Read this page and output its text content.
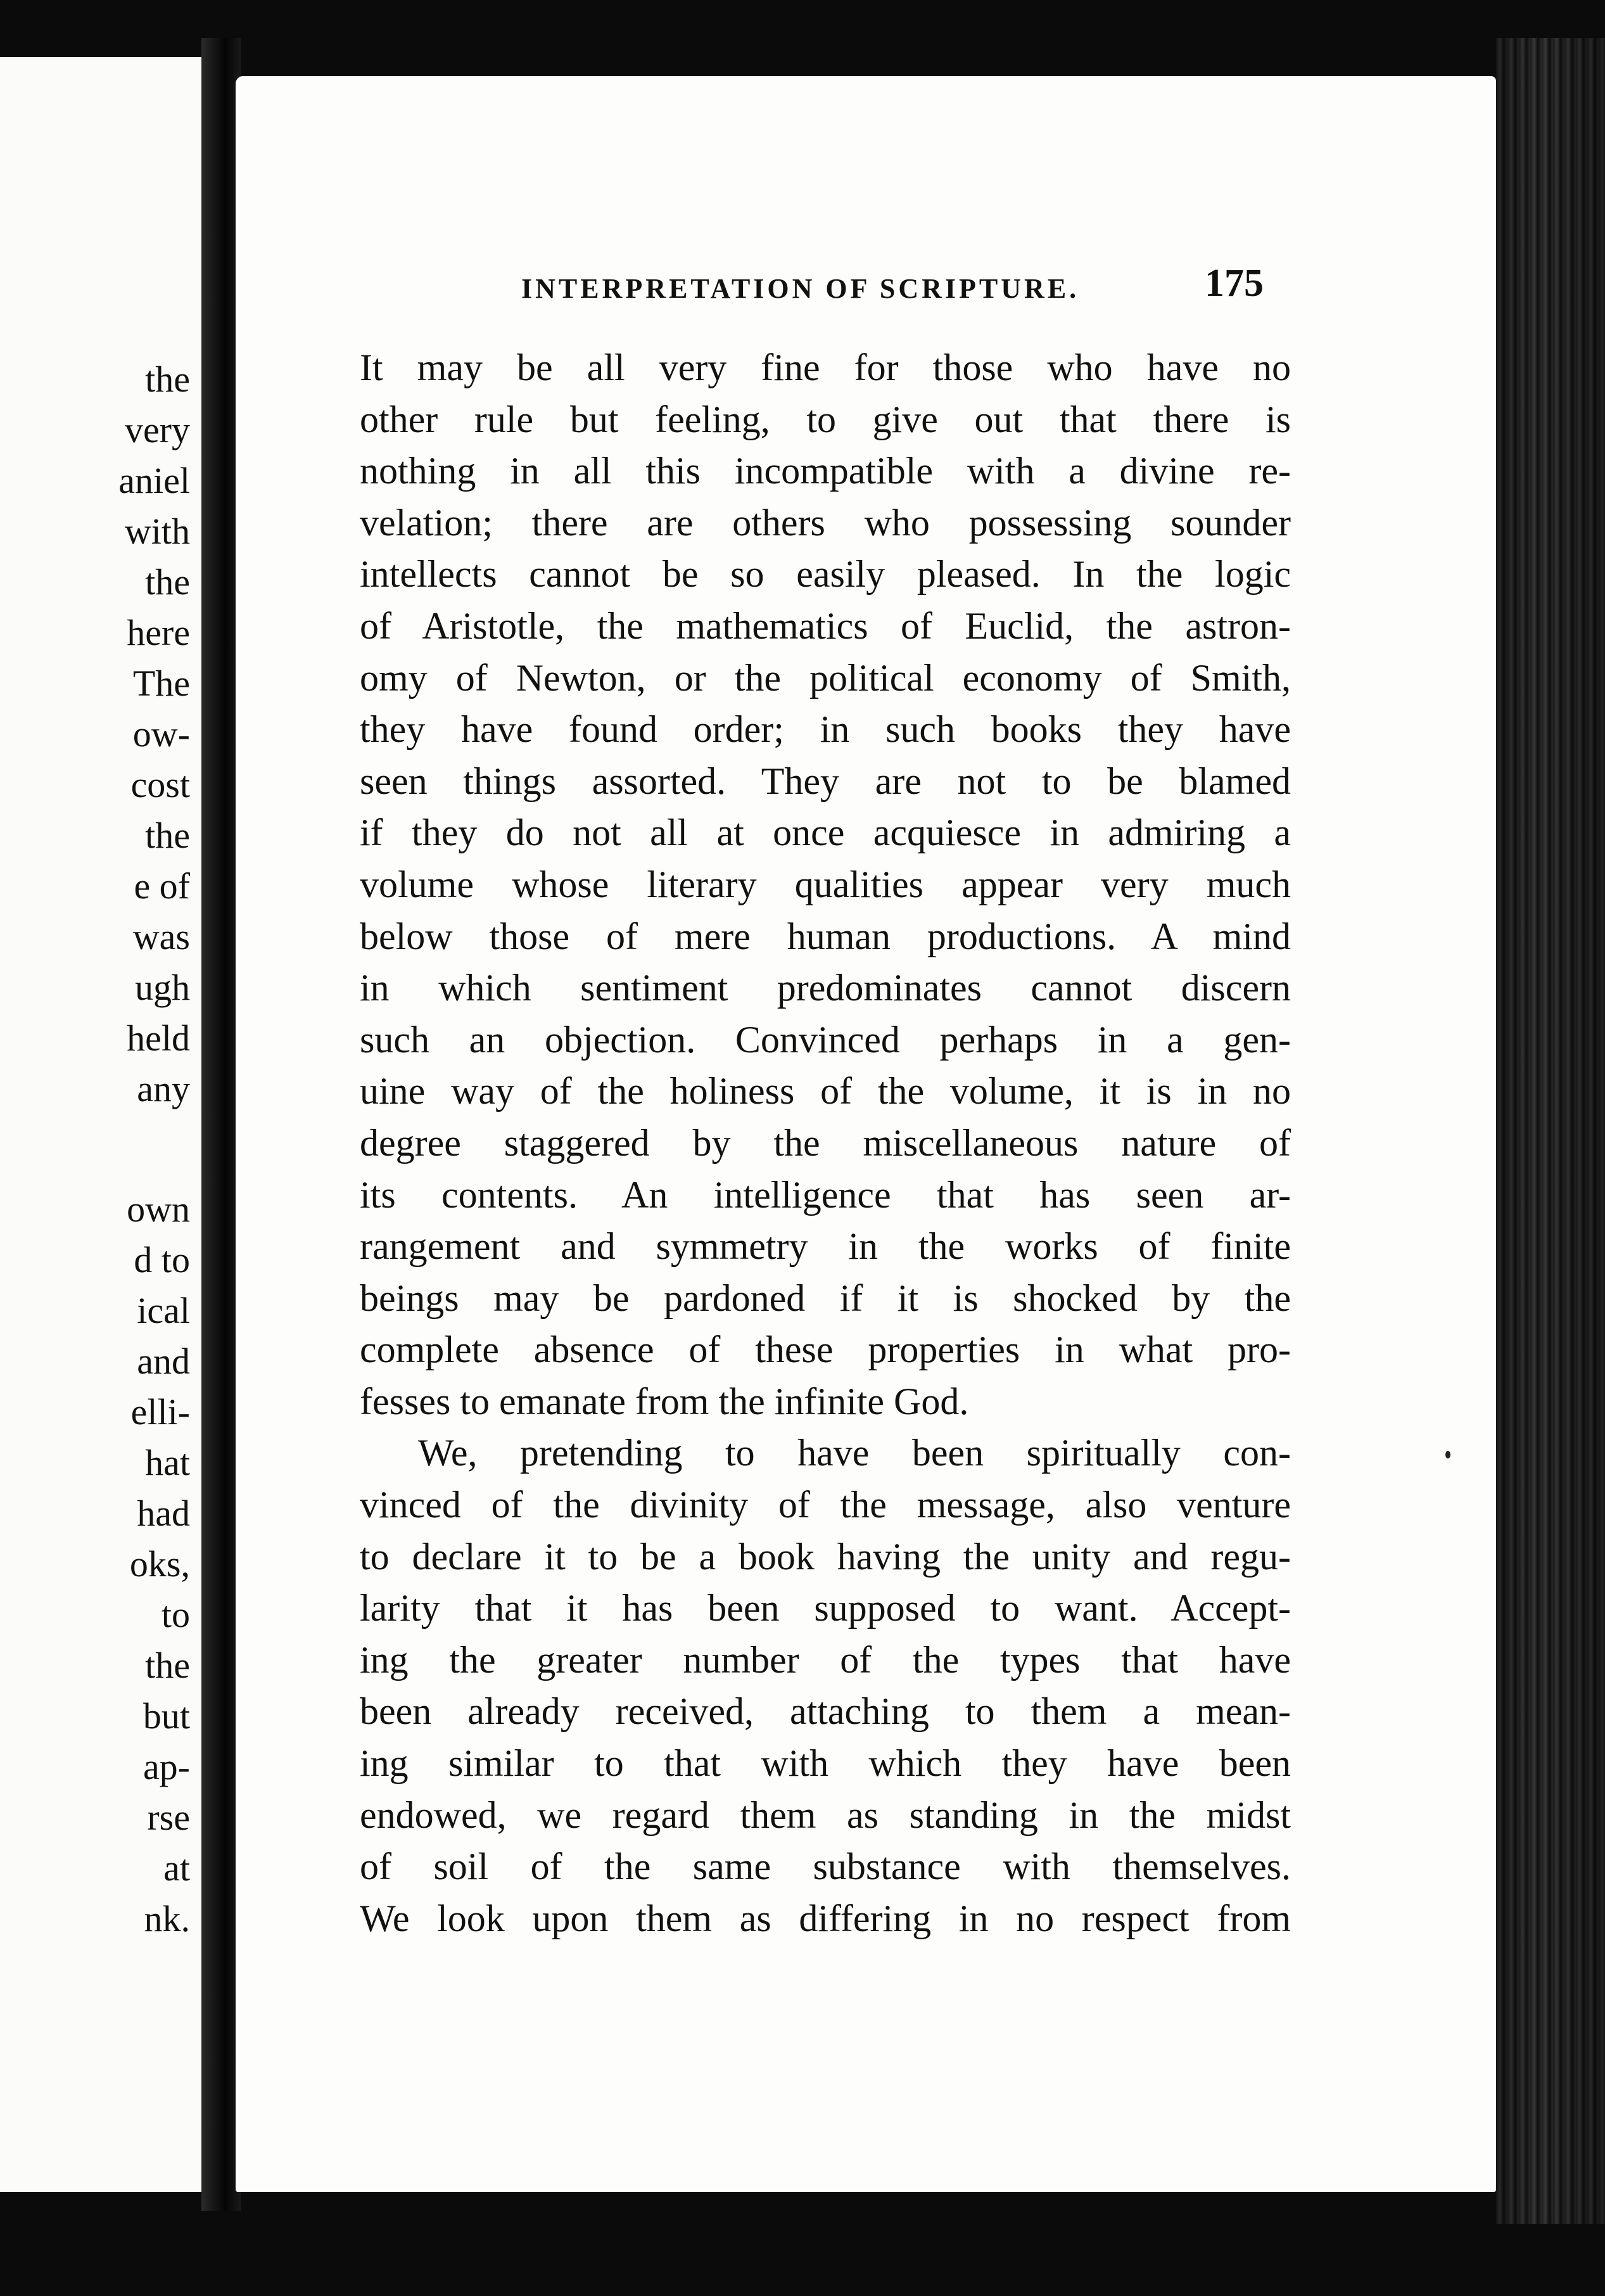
the
very
aniel
with
the
here
The
ow-
cost
the
e of
was
ugh
held
any
own
d to
ical
and
elli-
hat
had
oks,
to
the
but
ap-
rse
at
nk.
INTERPRETATION OF SCRIPTURE.	175
It may be all very fine for those who have no
other rule but feeling, to give out that there is
nothing in all this incompatible with a divine re-
velation; there are others who possessing sounder
intellects cannot be so easily pleased. In the logic
of Aristotle, the mathematics of Euclid, the astron-
omy of Newton, or the political economy of Smith,
they have found order; in such books they have
seen things assorted. They are not to be blamed
if they do not all at once acquiesce in admiring a
volume whose literary qualities appear very much
below those of mere human productions. A mind
in which sentiment predominates cannot discern
such an objection. Convinced perhaps in a gen-
uine way of the holiness of the volume, it is in no
degree staggered by the miscellaneous nature of
its contents. An intelligence that has seen ar-
rangement and symmetry in the works of finite
beings may be pardoned if it is shocked by the
complete absence of these properties in what pro-
fesses to emanate from the infinite God.
We, pretending to have been spiritually con-
vinced of the divinity of the message, also venture
to declare it to be a book having the unity and regu-
larity that it has been supposed to want. Accept-
ing the greater number of the types that have
been already received, attaching to them a mean-
ing similar to that with which they have been
endowed, we regard them as standing in the midst
of soil of the same substance with themselves.
We look upon them as differing in no respect from
